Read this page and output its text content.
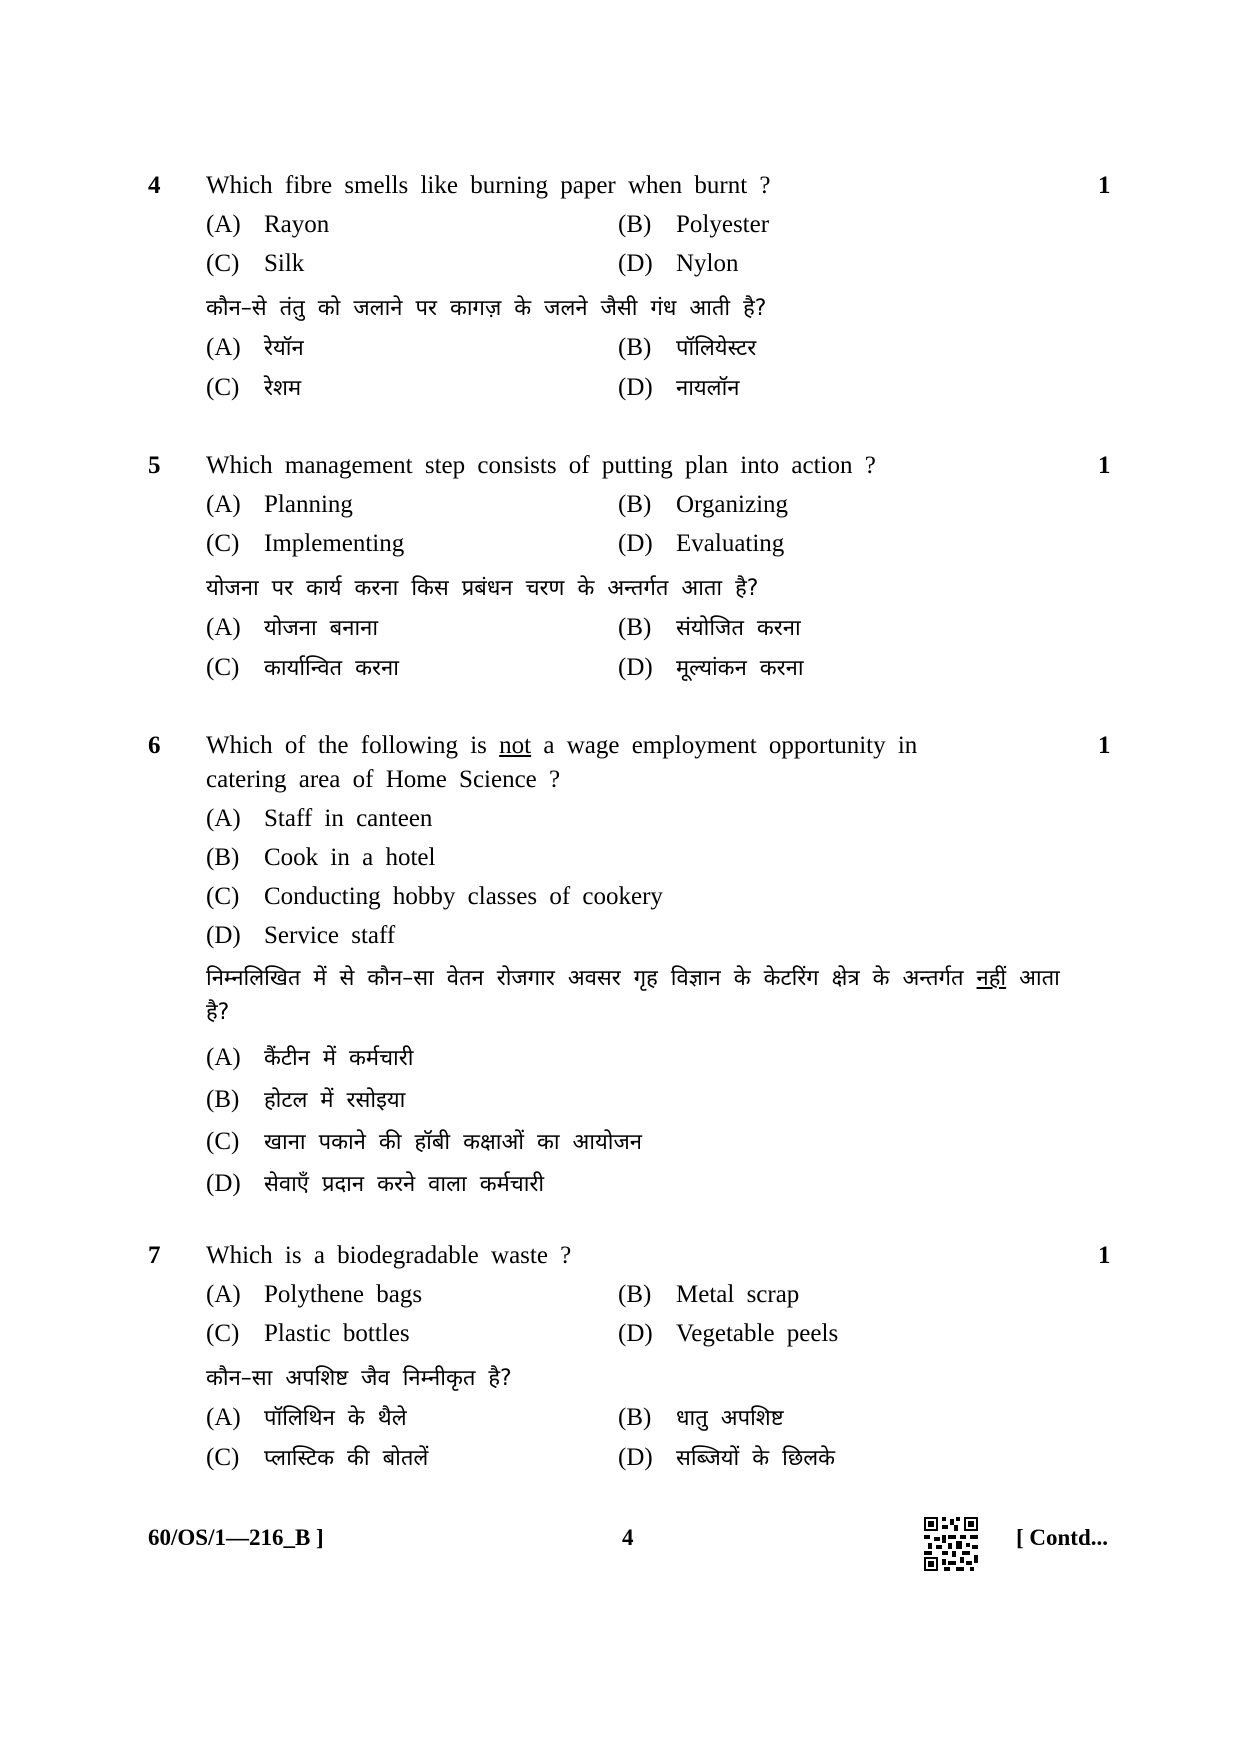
4 Which fibre smells like burning paper when burnt ?	1
(A) Rayon	(B) Polyester
(C) Silk	(D) Nylon
कौन–से तंतु को जलाने पर कागज़ के जलने जैसी गंध आती है?
(A) रेयॉन	(B) पॉलियेस्टर
(C) रेशम	(D) नायलॉन
5 Which management step consists of putting plan into action ?	1
(A) Planning	(B) Organizing
(C) Implementing	(D) Evaluating
योजना पर कार्य करना किस प्रबंधन चरण के अन्तर्गत आता है?
(A) योजना बनाना	(B) संयोजित करना
(C) कार्यान्वित करना	(D) मूल्यांकन करना
6 Which of the following is not a wage employment opportunity in	1
catering area of Home Science ?
(A) Staff in canteen
(B) Cook in a hotel
(C) Conducting hobby classes of cookery
(D) Service staff
निम्नलिखित में से कौन–सा वेतन रोजगार अवसर गृह विज्ञान के केटरिंग क्षेत्र के अन्तर्गत नहीं आता है?
(A) कैंटीन में कर्मचारी
(B) होटल में रसोइया
(C) खाना पकाने की हॉबी कक्षाओं का आयोजन
(D) सेवाएँ प्रदान करने वाला कर्मचारी
7 Which is a biodegradable waste ?	1
(A) Polythene bags	(B) Metal scrap
(C) Plastic bottles	(D) Vegetable peels
कौन–सा अपशिष्ट जैव निम्नीकृत है?
(A) पॉलिथिन के थैले	(B) धातु अपशिष्ट
(C) प्लास्टिक की बोतलें	(D) सब्जियों के छिलके
60/OS/1—216_B ]	4	[ Contd...
